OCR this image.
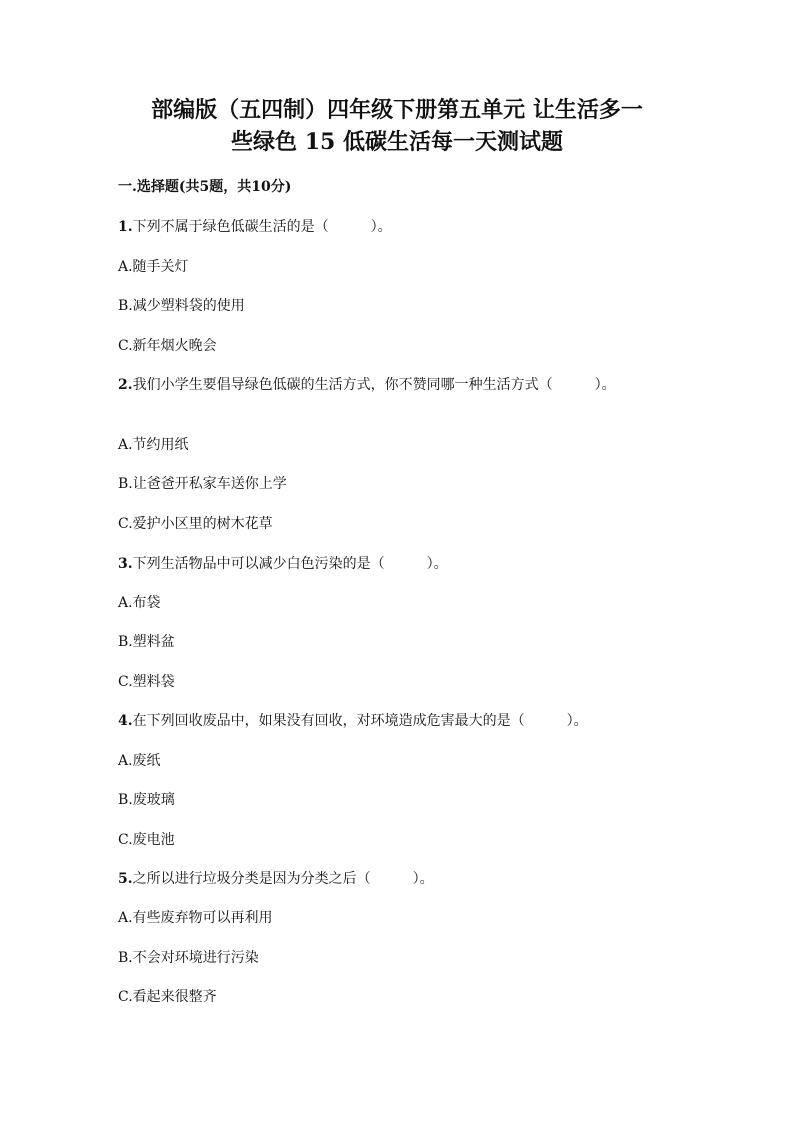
部编版（五四制）四年级下册第五单元 让生活多一
些绿色 15 低碳生活每一天测试题

一.选择题(共5题，共10分)

1.下列不属于绿色低碳生活的是（　　　）。

A.随手关灯

B.减少塑料袋的使用

C.新年烟火晚会

2.我们小学生要倡导绿色低碳的生活方式，你不赞同哪一种生活方式（　　　）。

A.节约用纸

B.让爸爸开私家车送你上学

C.爱护小区里的树木花草

3.下列生活物品中可以减少白色污染的是（　　　）。

A.布袋

B.塑料盆

C.塑料袋

4.在下列回收废品中，如果没有回收，对环境造成危害最大的是（　　　）。

A.废纸

B.废玻璃

C.废电池

5.之所以进行垃圾分类是因为分类之后（　　　）。

A.有些废弃物可以再利用

B.不会对环境进行污染

C.看起来很整齐
